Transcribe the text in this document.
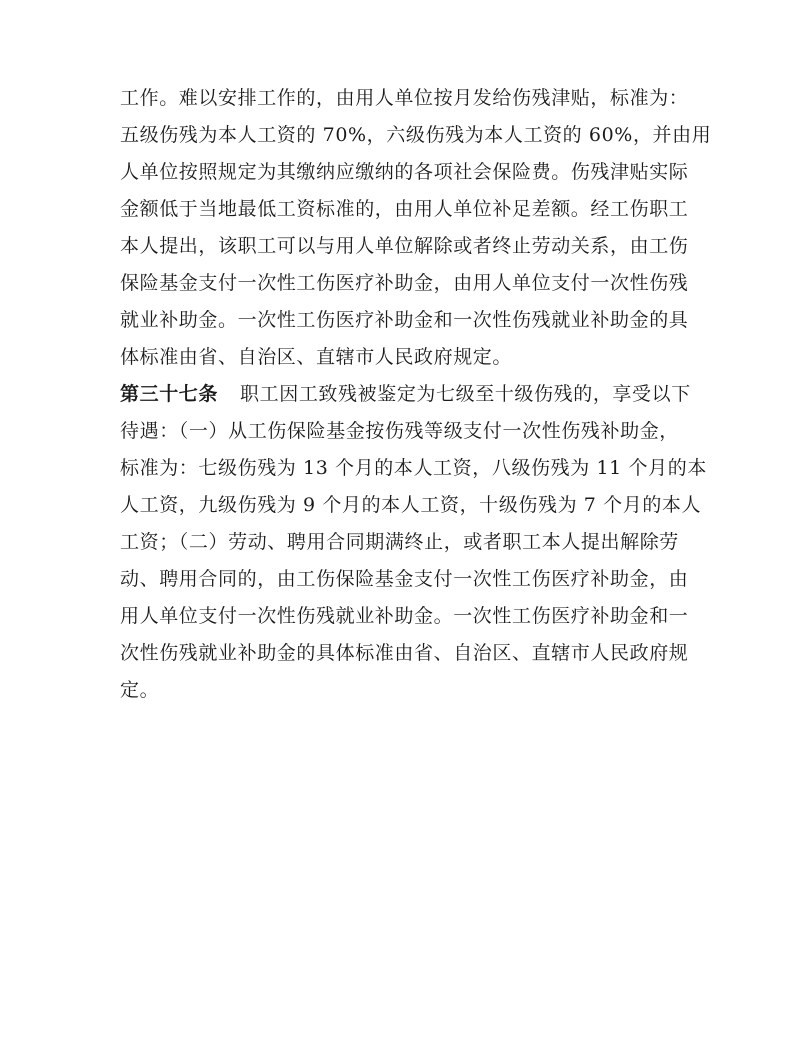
工作。难以安排工作的，由用人单位按月发给伤残津贴，标准为：
五级伤残为本人工资的 70%，六级伤残为本人工资的 60%，并由用
人单位按照规定为其缴纳应缴纳的各项社会保险费。伤残津贴实际
金额低于当地最低工资标准的，由用人单位补足差额。经工伤职工
本人提出，该职工可以与用人单位解除或者终止劳动关系，由工伤
保险基金支付一次性工伤医疗补助金，由用人单位支付一次性伤残
就业补助金。一次性工伤医疗补助金和一次性伤残就业补助金的具
体标准由省、自治区、直辖市人民政府规定。
第三十七条 职工因工致残被鉴定为七级至十级伤残的，享受以下
待遇：（一）从工伤保险基金按伤残等级支付一次性伤残补助金，
标准为：七级伤残为 13 个月的本人工资，八级伤残为 11 个月的本
人工资，九级伤残为 9 个月的本人工资，十级伤残为 7 个月的本人
工资；（二）劳动、聘用合同期满终止，或者职工本人提出解除劳
动、聘用合同的，由工伤保险基金支付一次性工伤医疗补助金，由
用人单位支付一次性伤残就业补助金。一次性工伤医疗补助金和一
次性伤残就业补助金的具体标准由省、自治区、直辖市人民政府规
定。
